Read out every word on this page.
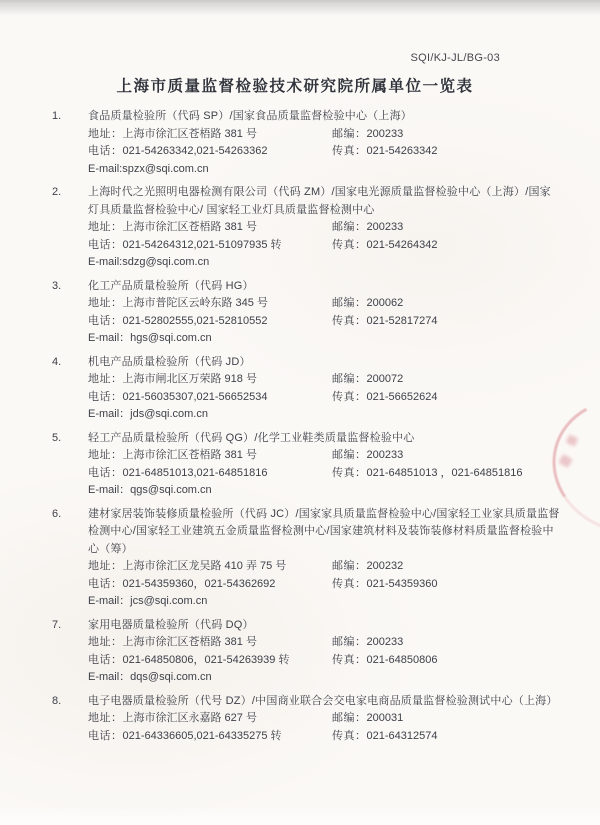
SQI/KJ-JL/BG-03
上海市质量监督检验技术研究院所属单位一览表
1.	食品质量检验所（代码 SP）/国家食品质量监督检验中心（上海）
地址：上海市徐汇区苍梧路 381 号	邮编：200233
电话：021-54263342,021-54263362	传真：021-54263342
E-mail:spzx@sqi.com.cn
2.	上海时代之光照明电器检测有限公司（代码 ZM）/国家电光源质量监督检验中心（上海）/国家灯具质量监督检验中心/ 国家轻工业灯具质量监督检测中心
地址：上海市徐汇区苍梧路 381 号	邮编：200233
电话：021-54264312,021-51097935 转	传真：021-54264342
E-mail:sdzg@sqi.com.cn
3.	化工产品质量检验所（代码 HG）
地址：上海市普陀区云岭东路 345 号	邮编：200062
电话：021-52802555,021-52810552	传真：021-52817274
E-mail：hgs@sqi.com.cn
4.	机电产品质量检验所（代码 JD）
地址：上海市闸北区万荣路 918 号	邮编：200072
电话：021-56035307,021-56652534	传真：021-56652624
E-mail：jds@sqi.com.cn
5.	轻工产品质量检验所（代码 QG）/化学工业鞋类质量监督检验中心
地址：上海市徐汇区苍梧路 381 号	邮编：200233
电话：021-64851013,021-64851816	传真：021-64851013 ，021-64851816
E-mail：qgs@sqi.com.cn
6.	建材家居装饰装修质量检验所（代码 JC）/国家家具质量监督检验中心/国家轻工业家具质量监督检测中心/国家轻工业建筑五金质量监督检测中心/国家建筑材料及装饰装修材料质量监督检验中心（筹）
地址：上海市徐汇区龙吴路 410 弄 75 号	邮编：200232
电话：021-54359360，021-54362692	传真：021-54359360
E-mail：jcs@sqi.com.cn
7.	家用电器质量检验所（代码 DQ）
地址：上海市徐汇区苍梧路 381 号	邮编：200233
电话：021-64850806，021-54263939 转	传真：021-64850806
E-mail：dqs@sqi.com.cn
8.	电子电器质量检验所（代号 DZ）/中国商业联合会交电家电商品质量监督检验测试中心（上海）
地址：上海市徐汇区永嘉路 627 号	邮编：200031
电话：021-64336605,021-64335275 转	传真：021-64312574
